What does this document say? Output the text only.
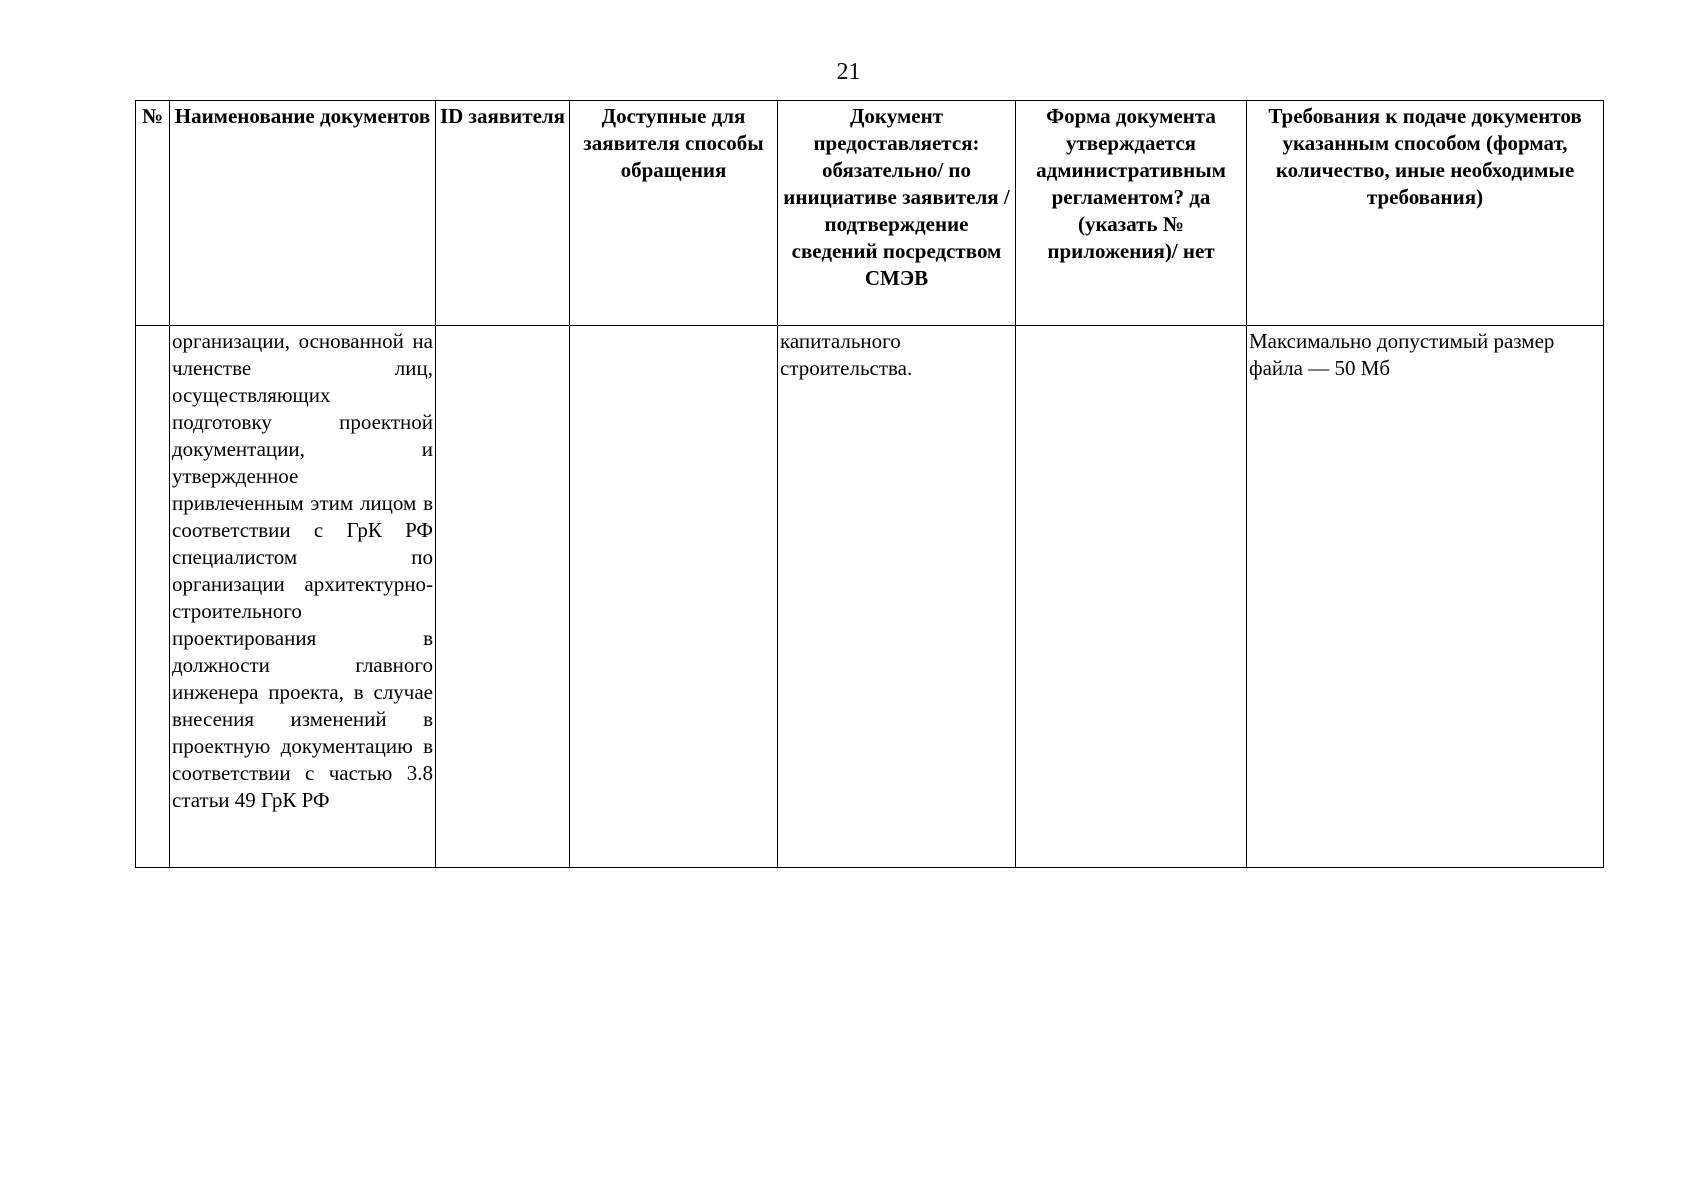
21
№	Наименование документов	ID заявителя	Доступные для заявителя способы обращения	Документ предоставляется: обязательно/ по инициативе заявителя /подтверждение сведений посредством СМЭВ	Форма документа утверждается административным регламентом? да (указать № приложения)/ нет	Требования к подаче документов указанным способом (формат, количество, иные необходимые требования)
	организации, основанной на членстве лиц, осуществляющих подготовку проектной документации, и утвержденное привлеченным этим лицом в соответствии с ГрК РФ специалистом по организации архитектурно-строительного проектирования в должности главного инженера проекта, в случае внесения изменений в проектную документацию в соответствии с частью 3.8 статьи 49 ГрК РФ			капитального строительства.		Максимально допустимый размер файла — 50 Мб
